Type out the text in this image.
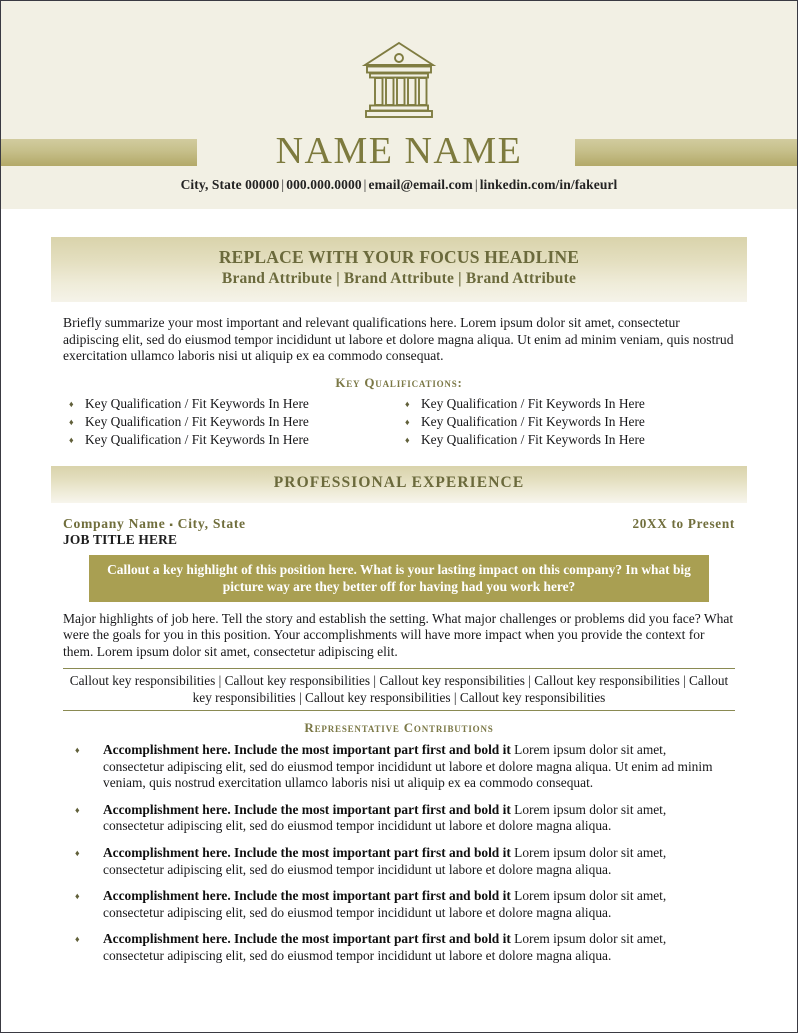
NAME NAME
City, State 00000 | 000.000.0000 | email@email.com | linkedin.com/in/fakeurl
REPLACE WITH YOUR FOCUS HEADLINE
Brand Attribute | Brand Attribute | Brand Attribute
Briefly summarize your most important and relevant qualifications here. Lorem ipsum dolor sit amet, consectetur adipiscing elit, sed do eiusmod tempor incididunt ut labore et dolore magna aliqua. Ut enim ad minim veniam, quis nostrud exercitation ullamco laboris nisi ut aliquip ex ea commodo consequat.
Key Qualifications:
♦ Key Qualification / Fit Keywords In Here
♦ Key Qualification / Fit Keywords In Here
♦ Key Qualification / Fit Keywords In Here
♦ Key Qualification / Fit Keywords In Here
♦ Key Qualification / Fit Keywords In Here
♦ Key Qualification / Fit Keywords In Here
PROFESSIONAL EXPERIENCE
Company Name ▪ City, State	20XX to Present
JOB TITLE HERE
Callout a key highlight of this position here. What is your lasting impact on this company? In what big picture way are they better off for having had you work here?
Major highlights of job here. Tell the story and establish the setting. What major challenges or problems did you face? What were the goals for you in this position. Your accomplishments will have more impact when you provide the context for them. Lorem ipsum dolor sit amet, consectetur adipiscing elit.
Callout key responsibilities | Callout key responsibilities | Callout key responsibilities | Callout key responsibilities | Callout key responsibilities | Callout key responsibilities | Callout key responsibilities
Representative Contributions
♦	Accomplishment here. Include the most important part first and bold it Lorem ipsum dolor sit amet, consectetur adipiscing elit, sed do eiusmod tempor incididunt ut labore et dolore magna aliqua. Ut enim ad minim veniam, quis nostrud exercitation ullamco laboris nisi ut aliquip ex ea commodo consequat.
♦	Accomplishment here. Include the most important part first and bold it Lorem ipsum dolor sit amet, consectetur adipiscing elit, sed do eiusmod tempor incididunt ut labore et dolore magna aliqua.
♦	Accomplishment here. Include the most important part first and bold it Lorem ipsum dolor sit amet, consectetur adipiscing elit, sed do eiusmod tempor incididunt ut labore et dolore magna aliqua.
♦	Accomplishment here. Include the most important part first and bold it Lorem ipsum dolor sit amet, consectetur adipiscing elit, sed do eiusmod tempor incididunt ut labore et dolore magna aliqua.
♦	Accomplishment here. Include the most important part first and bold it Lorem ipsum dolor sit amet, consectetur adipiscing elit, sed do eiusmod tempor incididunt ut labore et dolore magna aliqua.
